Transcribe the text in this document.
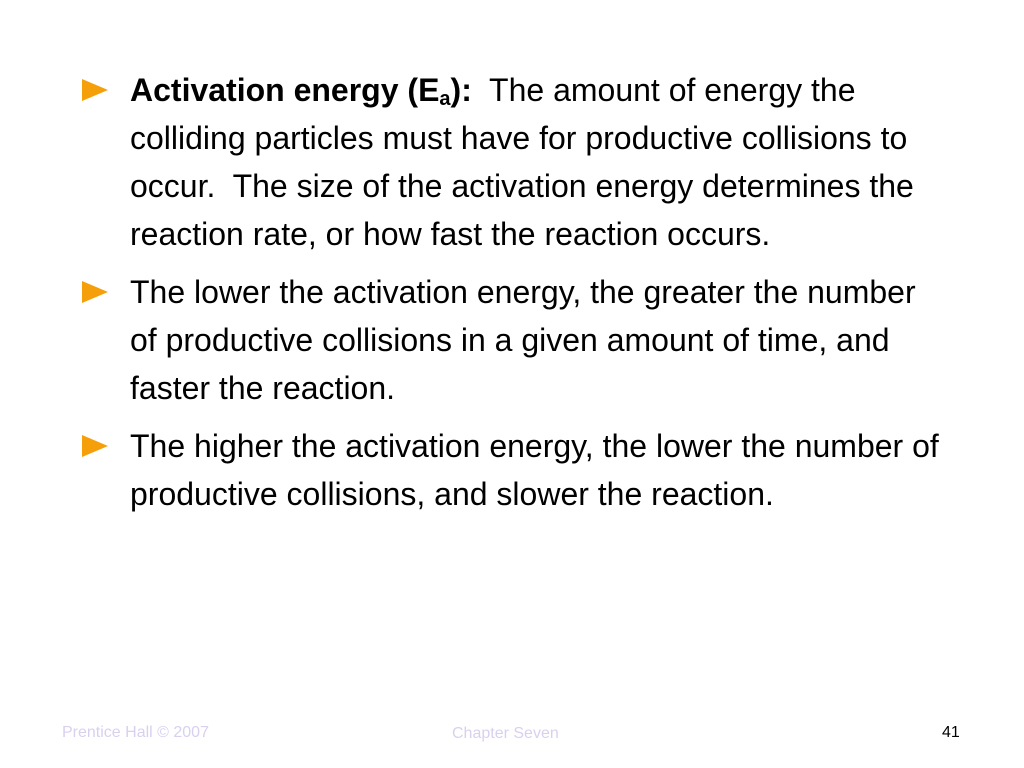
Activation energy $(E_a)$:  The amount of energy the colliding particles must have for productive collisions to occur.  The size of the activation energy determines the reaction rate, or how fast the reaction occurs.
The lower the activation energy, the greater the number of productive collisions in a given amount of time, and faster the reaction.
The higher the activation energy, the lower the number of productive collisions, and slower the reaction.
Prentice Hall © 2007	Chapter Seven	41
